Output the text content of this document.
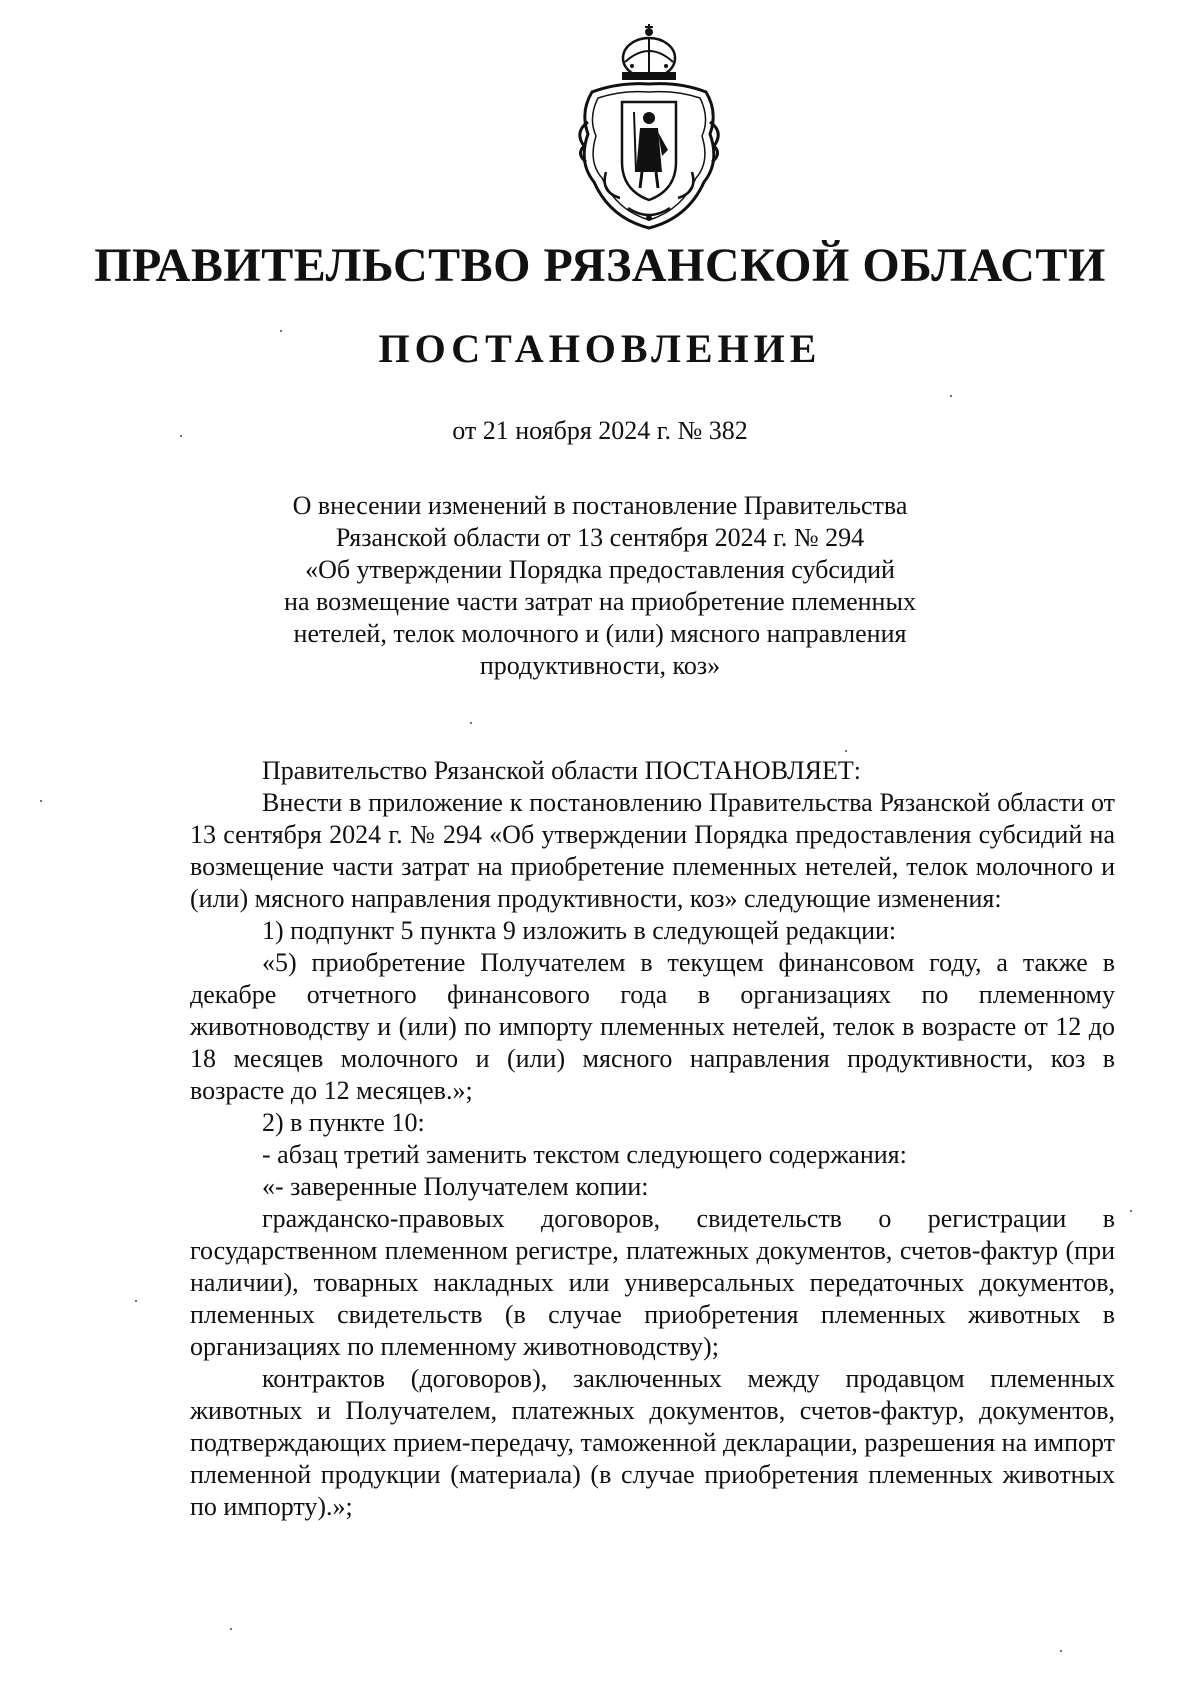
ПРАВИТЕЛЬСТВО РЯЗАНСКОЙ ОБЛАСТИ
ПОСТАНОВЛЕНИЕ
от 21 ноября 2024 г. № 382
О внесении изменений в постановление Правительства
Рязанской области от 13 сентября 2024 г. № 294
«Об утверждении Порядка предоставления субсидий
на возмещение части затрат на приобретение племенных
нетелей, телок молочного и (или) мясного направления
продуктивности, коз»

Правительство Рязанской области ПОСТАНОВЛЯЕТ:

Внести в приложение к постановлению Правительства Рязанской области от 13 сентября 2024 г. № 294 «Об утверждении Порядка предоставления субсидий на возмещение части затрат на приобретение племенных нетелей, телок молочного и (или) мясного направления продуктивности, коз» следующие изменения:

1) подпункт 5 пункта 9 изложить в следующей редакции:

«5) приобретение Получателем в текущем финансовом году, а также в декабре отчетного финансового года в организациях по племенному животноводству и (или) по импорту племенных нетелей, телок в возрасте от 12 до 18 месяцев молочного и (или) мясного направления продуктивности, коз в возрасте до 12 месяцев.»;

2) в пункте 10:

- абзац третий заменить текстом следующего содержания:

«- заверенные Получателем копии:

гражданско-правовых договоров, свидетельств о регистрации в государственном племенном регистре, платежных документов, счетов-фактур (при наличии), товарных накладных или универсальных передаточных документов, племенных свидетельств (в случае приобретения племенных животных в организациях по племенному животноводству);

контрактов (договоров), заключенных между продавцом племенных животных и Получателем, платежных документов, счетов-фактур, документов, подтверждающих прием-передачу, таможенной декларации, разрешения на импорт племенной продукции (материала) (в случае приобретения племенных животных по импорту).»;
